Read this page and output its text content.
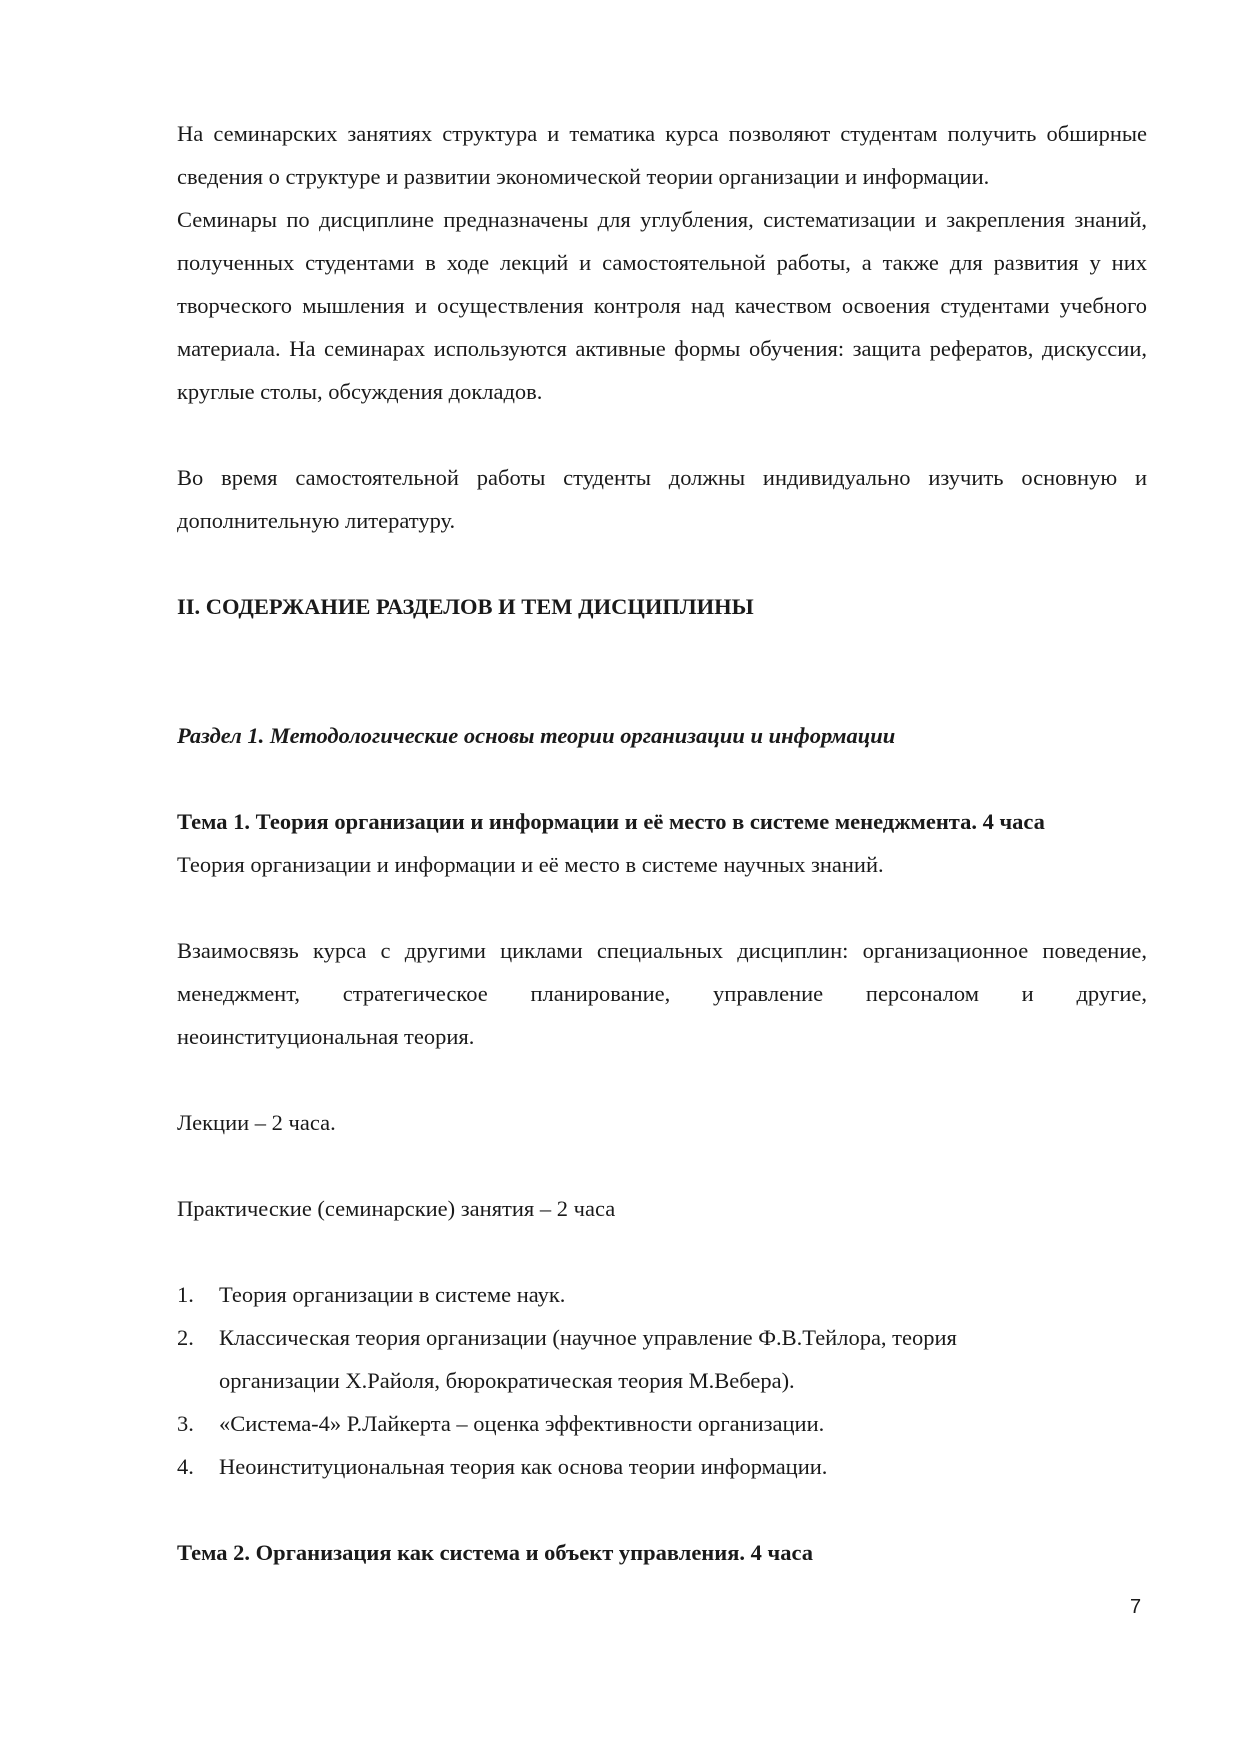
На семинарских занятиях структура и тематика курса позволяют студентам получить обширные сведения о структуре и развитии экономической теории организации и информации.

Семинары по дисциплине предназначены для углубления, систематизации и закрепления знаний, полученных студентами в ходе лекций и самостоятельной работы, а также для развития у них творческого мышления и осуществления контроля над качеством освоения студентами учебного материала. На семинарах используются активные формы обучения: защита рефератов, дискуссии, круглые столы, обсуждения докладов.

Во время самостоятельной работы студенты должны индивидуально изучить основную и дополнительную литературу.

II. СОДЕРЖАНИЕ РАЗДЕЛОВ И ТЕМ ДИСЦИПЛИНЫ

Раздел 1. Методологические основы теории организации и информации

Тема 1. Теория организации и информации и её место в системе менеджмента. 4 часа

Теория организации и информации и её место в системе научных знаний.

Взаимосвязь курса с другими циклами специальных дисциплин: организационное поведение, менеджмент, стратегическое планирование, управление персоналом и другие, неоинституциональная теория.

Лекции – 2 часа.

Практические (семинарские) занятия – 2 часа

1. Теория организации в системе наук.
2. Классическая теория организации (научное управление Ф.В.Тейлора, теория организации Х.Райоля, бюрократическая теория М.Вебера).
3. «Система-4» Р.Лайкерта – оценка эффективности организации.
4. Неоинституциональная теория как основа теории информации.

Тема 2. Организация как система и объект управления. 4 часа

7
